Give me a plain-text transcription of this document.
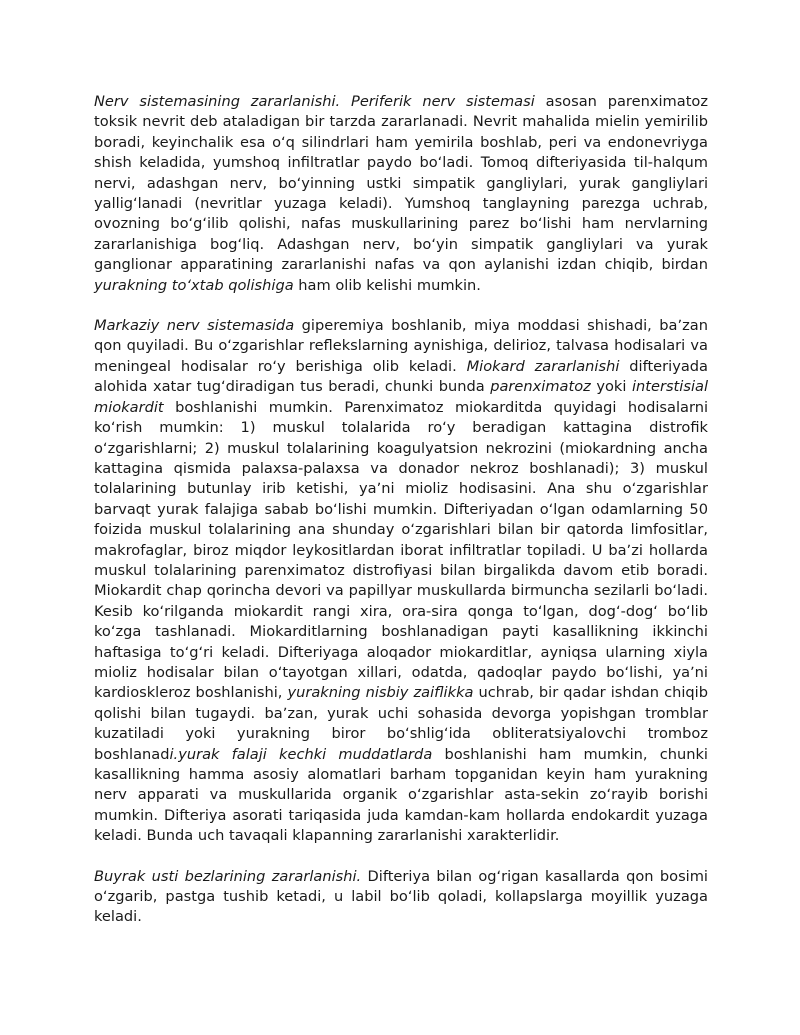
Nerv sistemasining zararlanishi. Periferik nerv sistemasi asosan parenximatoz toksik nevrit deb ataladigan bir tarzda zararlanadi. Nevrit mahalida mielin yemirilib boradi, keyinchalik esa oʻq silindrlari ham yemirila boshlab, peri va endonevriyga shish keladida, yumshoq infiltratlar paydo boʻladi. Tomoq difteriyasida til-halqum nervi, adashgan nerv, boʻyinning ustki simpatik gangliylari, yurak gangliylari yalligʻlanadi (nevritlar yuzaga keladi). Yumshoq tanglayning parezga uchrab, ovozning boʻgʻilib qolishi, nafas muskullarining parez boʻlishi ham nervlarning zararlanishiga bogʻliq. Adashgan nerv, boʻyin simpatik gangliylari va yurak ganglionar apparatining zararlanishi nafas va qon aylanishi izdan chiqib, birdan yurakning toʻxtab qolishiga ham olib kelishi mumkin.

Markaziy nerv sistemasida giperemiya boshlanib, miya moddasi shishadi, baʼzan qon quyiladi. Bu oʻzgarishlar reflekslarning aynishiga, delirioz, talvasa hodisalari va meningeal hodisalar roʻy berishiga olib keladi. Miokard zararlanishi difteriyada alohida xatar tugʻdiradigan tus beradi, chunki bunda parenximatoz yoki interstisial miokardit boshlanishi mumkin. Parenximatoz miokarditda quyidagi hodisalarni koʻrish mumkin: 1) muskul tolalarida roʻy beradigan kattagina distrofik oʻzgarishlarni; 2) muskul tolalarining koagulyatsion nekrozini (miokardning ancha kattagina qismida palaxsa-palaxsa va donador nekroz boshlanadi); 3) muskul tolalarining butunlay irib ketishi, yaʼni mioliz hodisasini. Ana shu oʻzgarishlar barvaqt yurak falajiga sabab boʻlishi mumkin. Difteriyadan oʻlgan odamlarning 50 foizida muskul tolalarining ana shunday oʻzgarishlari bilan bir qatorda limfositlar, makrofaglar, biroz miqdor leykositlardan iborat infiltratlar topiladi. U baʼzi hollarda muskul tolalarining parenximatoz distrofiyasi bilan birgalikda davom etib boradi. Miokardit chap qorincha devori va papillyar muskullarda birmuncha sezilarli boʻladi. Kesib koʻrilganda miokardit rangi xira, ora-sira qonga toʻlgan, dogʻ-dogʻ boʻlib koʻzga tashlanadi. Miokarditlarning boshlanadigan payti kasallikning ikkinchi haftasiga toʻgʻri keladi. Difteriyaga aloqador miokarditlar, ayniqsa ularning xiyla mioliz hodisalar bilan oʻtayotgan xillari, odatda, qadoqlar paydo boʻlishi, yaʼni kardioskleroz boshlanishi, yurakning nisbiy zaiflikka uchrab, bir qadar ishdan chiqib qolishi bilan tugaydi. baʼzan, yurak uchi sohasida devorga yopishgan tromblar kuzatiladi yoki yurakning biror boʻshligʻida obliteratsiyalovchi tromboz boshlanadi.yurak falaji kechki muddatlarda boshlanishi ham mumkin, chunki kasallikning hamma asosiy alomatlari barham topganidan keyin ham yurakning nerv apparati va muskullarida organik oʻzgarishlar asta-sekin zoʻrayib borishi mumkin. Difteriya asorati tariqasida juda kamdan-kam hollarda endokardit yuzaga keladi. Bunda uch tavaqali klapanning zararlanishi xarakterlidir.

Buyrak usti bezlarining zararlanishi. Difteriya bilan ogʻrigan kasallarda qon bosimi oʻzgarib, pastga tushib ketadi, u labil boʻlib qoladi, kollapslarga moyillik yuzaga keladi.
